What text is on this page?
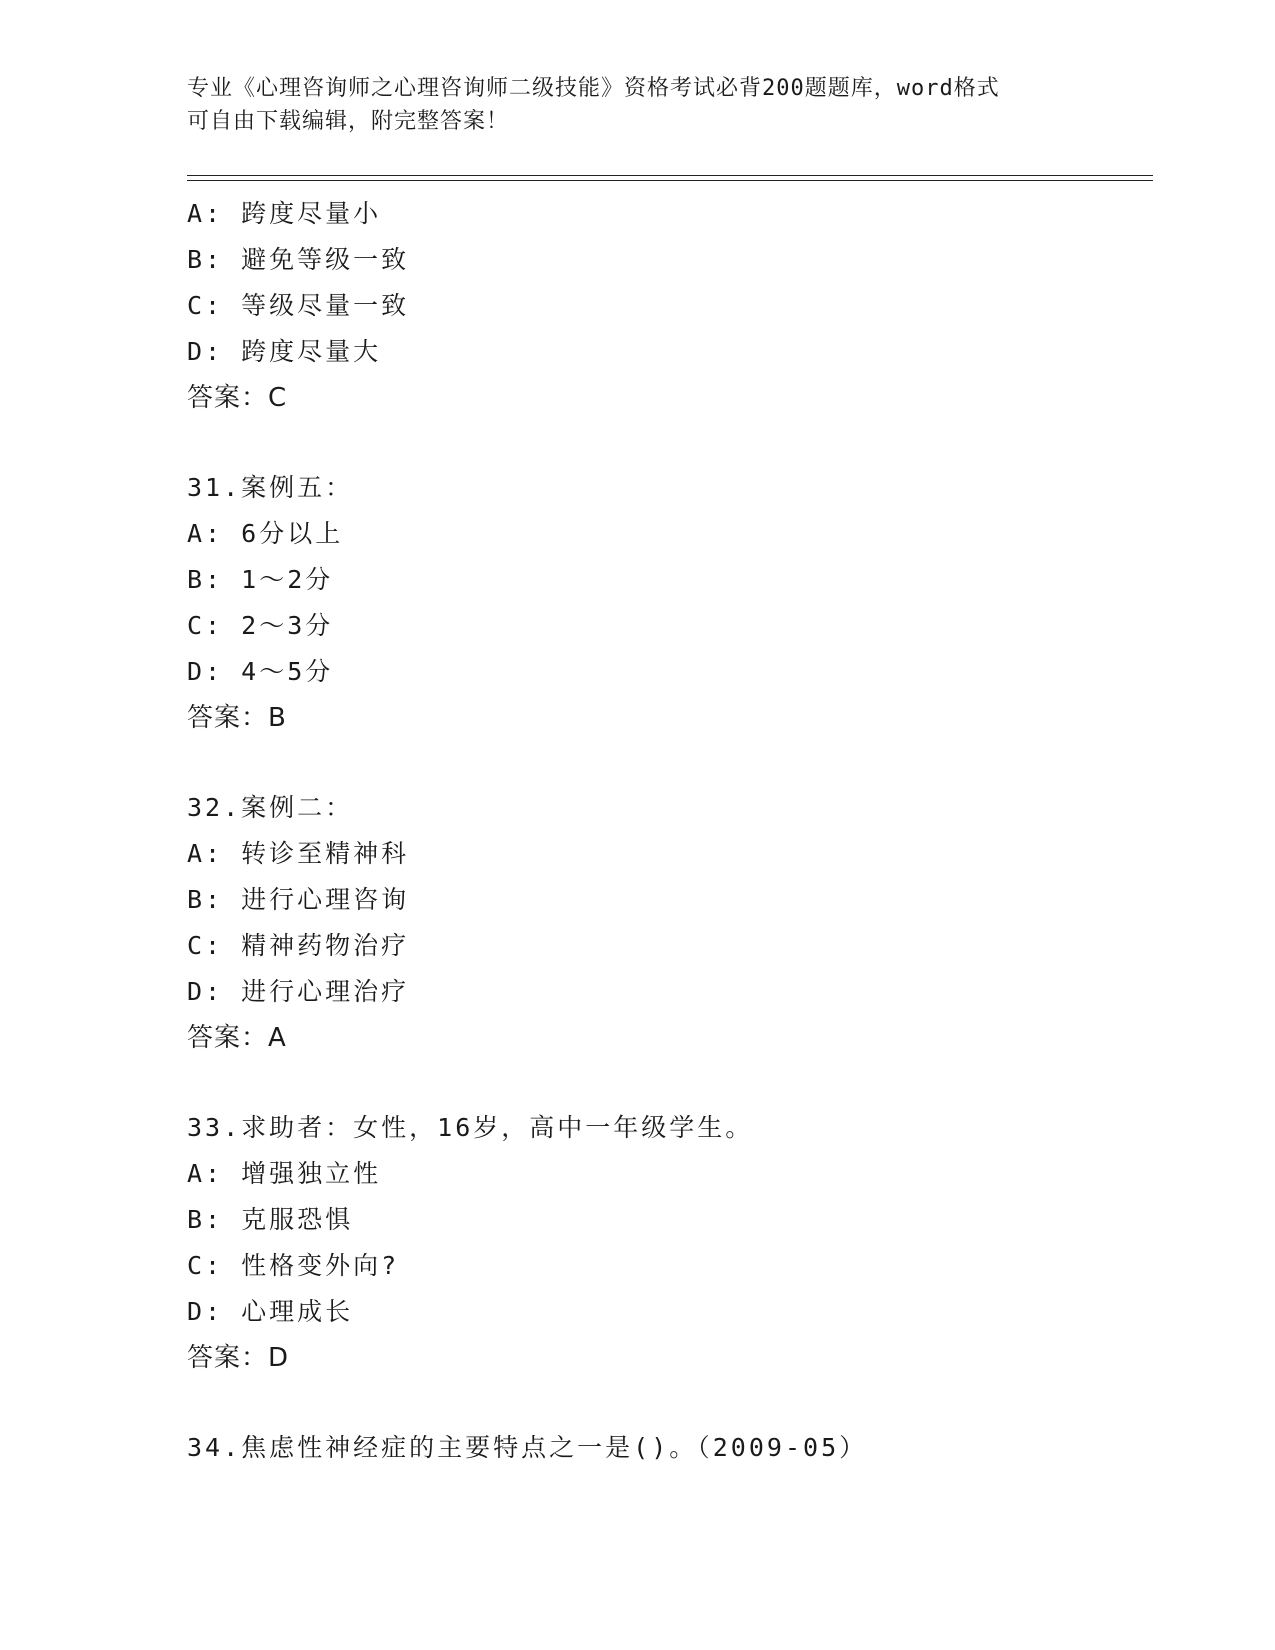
专业《心理咨询师之心理咨询师二级技能》资格考试必背200题题库，word格式
可自由下载编辑，附完整答案！
A: 跨度尽量小
B: 避免等级一致
C: 等级尽量一致
D: 跨度尽量大
答案：C
31.案例五：
A: 6分以上
B: 1～2分
C: 2～3分
D: 4～5分
答案：B
32.案例二：
A: 转诊至精神科
B: 进行心理咨询
C: 精神药物治疗
D: 进行心理治疗
答案：A
33.求助者：女性，16岁，高中一年级学生。
A: 增强独立性
B: 克服恐惧
C: 性格变外向?
D: 心理成长
答案：D
34.焦虑性神经症的主要特点之一是()。（2009-05）
